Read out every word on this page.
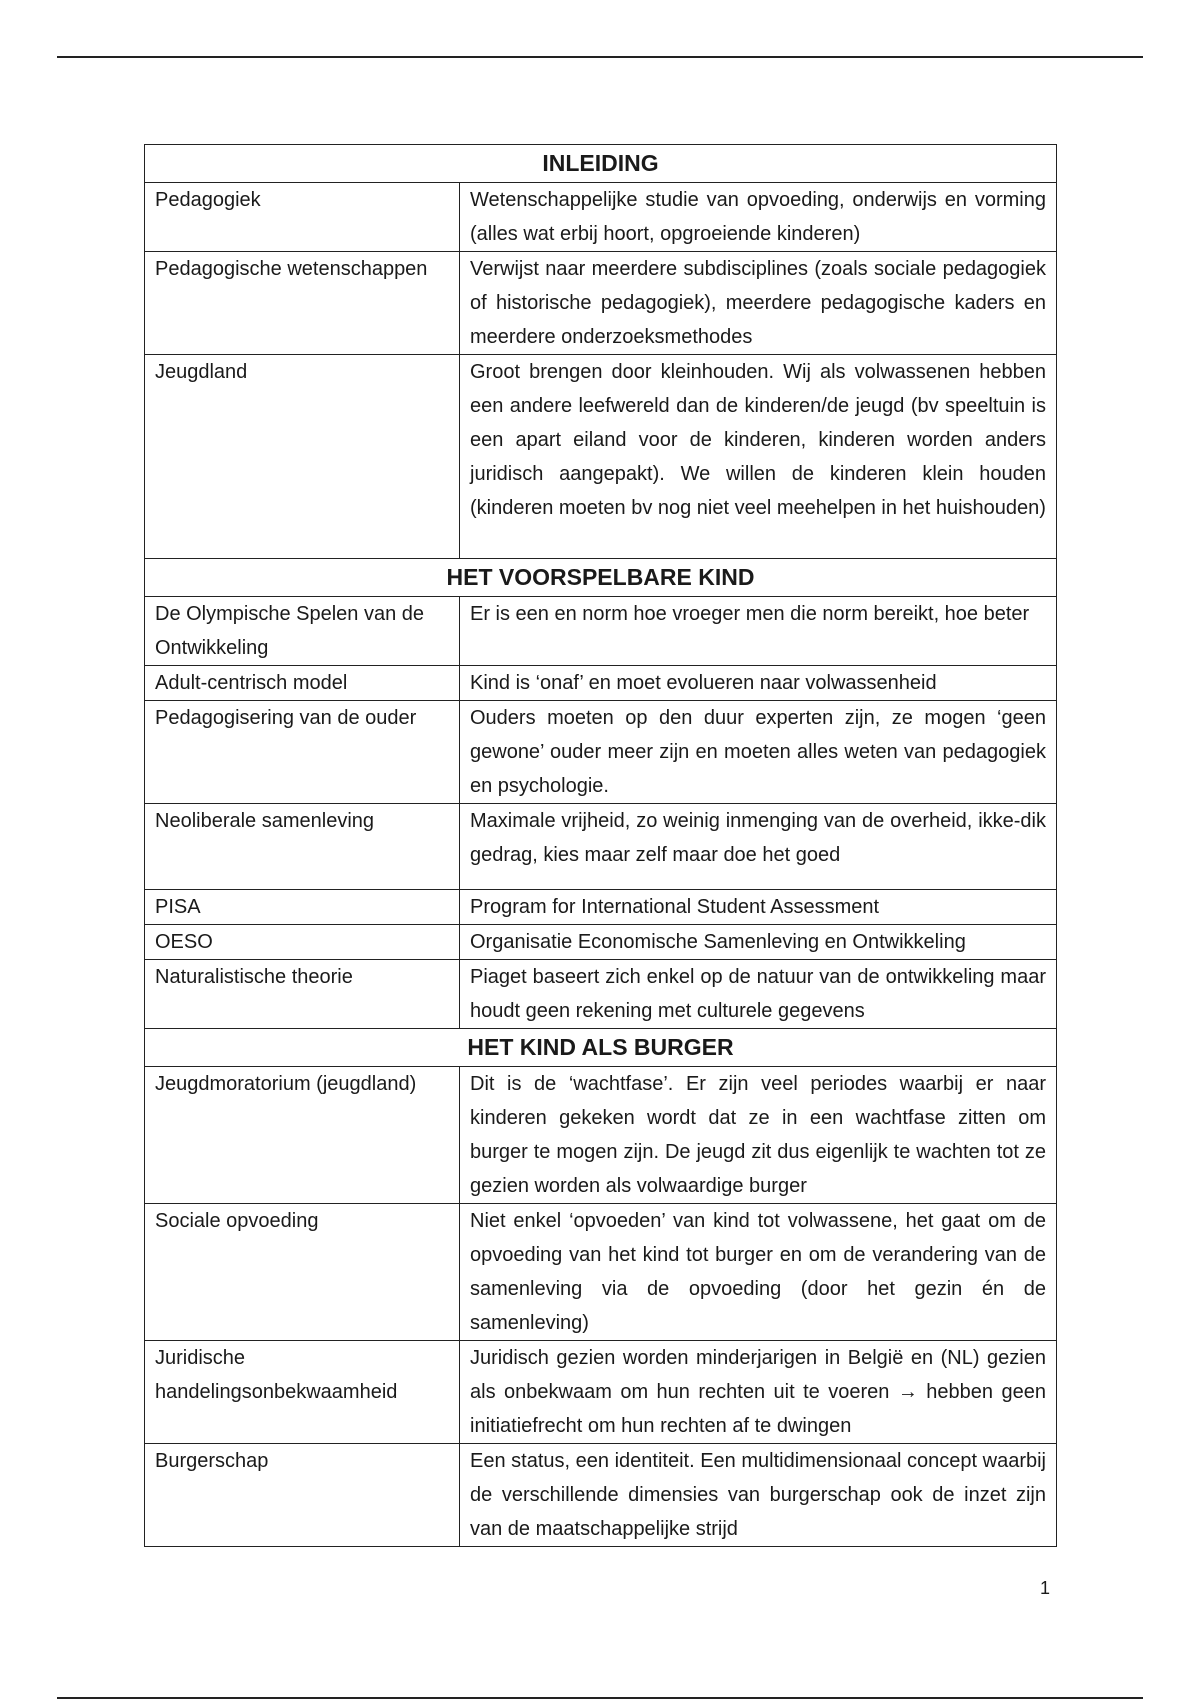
INLEIDING	
Pedagogiek	Wetenschappelijke studie van opvoeding, onderwijs en vorming (alles wat erbij hoort, opgroeiende kinderen)
Pedagogische wetenschappen	Verwijst naar meerdere subdisciplines (zoals sociale pedagogiek of historische pedagogiek), meerdere pedagogische kaders en meerdere onderzoeksmethodes
Jeugdland	Groot brengen door kleinhouden. Wij als volwassenen hebben een andere leefwereld dan de kinderen/de jeugd (bv speeltuin is een apart eiland voor de kinderen, kinderen worden anders juridisch aangepakt). We willen de kinderen klein houden (kinderen moeten bv nog niet veel meehelpen in het huishouden)
HET VOORSPELBARE KIND	
De Olympische Spelen van de Ontwikkeling	Er is een en norm hoe vroeger men die norm bereikt, hoe beter
Adult-centrisch model	Kind is ‘onaf’ en moet evolueren naar volwassenheid
Pedagogisering van de ouder	Ouders moeten op den duur experten zijn, ze mogen ‘geen gewone’ ouder meer zijn en moeten alles weten van pedagogiek en psychologie.
Neoliberale samenleving	Maximale vrijheid, zo weinig inmenging van de overheid, ikke-dik gedrag, kies maar zelf maar doe het goed
PISA	Program for International Student Assessment
OESO	Organisatie Economische Samenleving en Ontwikkeling
Naturalistische theorie	Piaget baseert zich enkel op de natuur van de ontwikkeling maar houdt geen rekening met culturele gegevens
HET KIND ALS BURGER	
Jeugdmoratorium (jeugdland)	Dit is de ‘wachtfase’. Er zijn veel periodes waarbij er naar kinderen gekeken wordt dat ze in een wachtfase zitten om burger te mogen zijn. De jeugd zit dus eigenlijk te wachten tot ze gezien worden als volwaardige burger
Sociale opvoeding	Niet enkel ‘opvoeden’ van kind tot volwassene, het gaat om de opvoeding van het kind tot burger en om de verandering van de samenleving via de opvoeding (door het gezin én de samenleving)
Juridische handelingsonbekwaamheid	Juridisch gezien worden minderjarigen in België en (NL) gezien als onbekwaam om hun rechten uit te voeren → hebben geen initiatiefrecht om hun rechten af te dwingen
Burgerschap	Een status, een identiteit. Een multidimensionaal concept waarbij de verschillende dimensies van burgerschap ook de inzet zijn van de maatschappelijke strijd
1
